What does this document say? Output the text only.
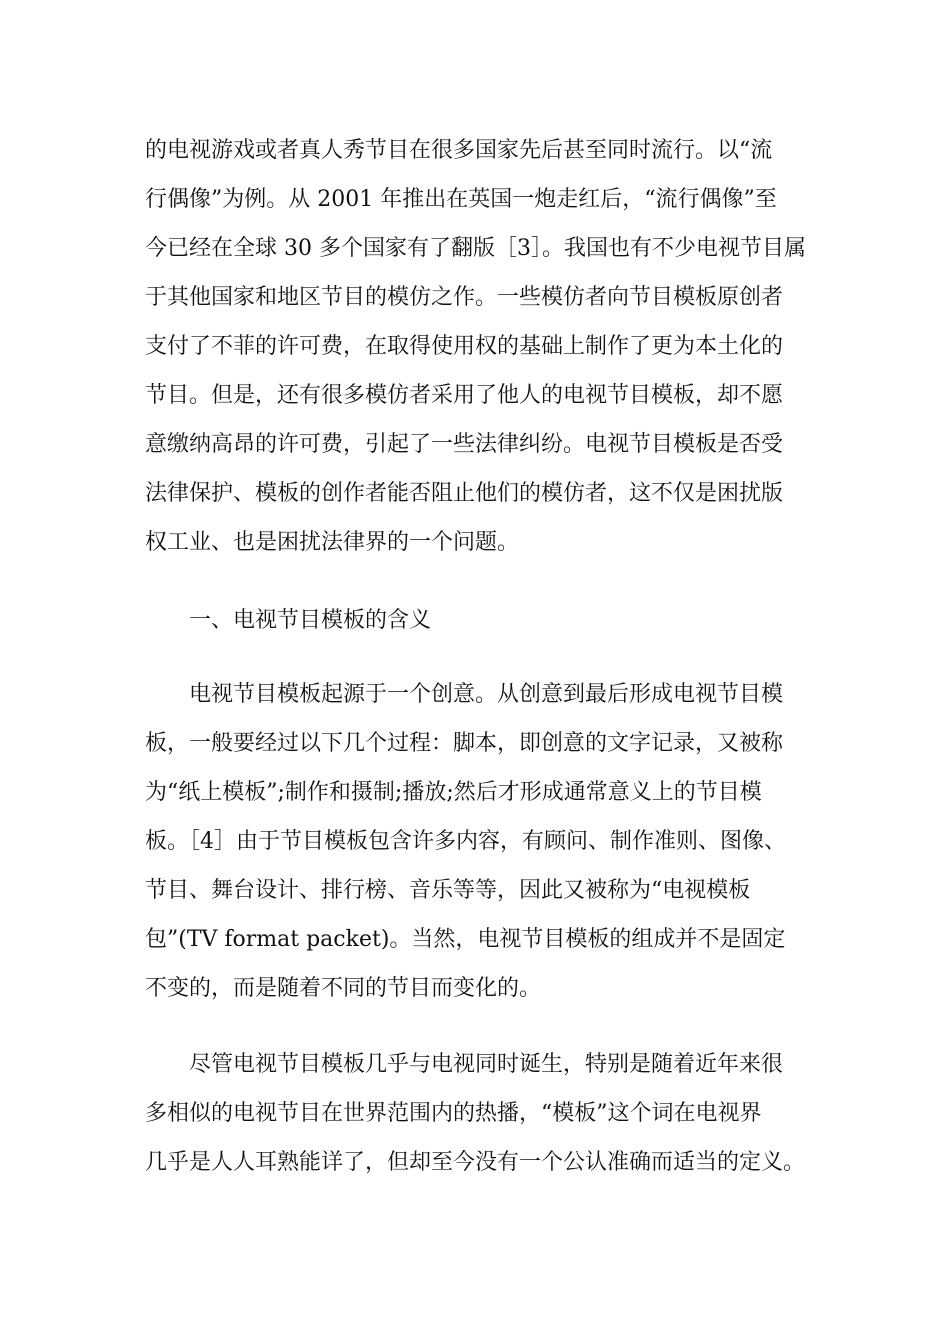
的电视游戏或者真人秀节目在很多国家先后甚至同时流行。以“流
行偶像”为例。从 2001 年推出在英国一炮走红后，“流行偶像”至
今已经在全球 30 多个国家有了翻版［3］。我国也有不少电视节目属
于其他国家和地区节目的模仿之作。一些模仿者向节目模板原创者
支付了不菲的许可费，在取得使用权的基础上制作了更为本土化的
节目。但是，还有很多模仿者采用了他人的电视节目模板，却不愿
意缴纳高昂的许可费，引起了一些法律纠纷。电视节目模板是否受
法律保护、模板的创作者能否阻止他们的模仿者，这不仅是困扰版
权工业、也是困扰法律界的一个问题。
一、电视节目模板的含义
电视节目模板起源于一个创意。从创意到最后形成电视节目模
板，一般要经过以下几个过程：脚本，即创意的文字记录，又被称
为“纸上模板”;制作和摄制;播放;然后才形成通常意义上的节目模
板。［4］由于节目模板包含许多内容，有顾问、制作准则、图像、
节目、舞台设计、排行榜、音乐等等，因此又被称为“电视模板
包”(TV format packet)。当然，电视节目模板的组成并不是固定
不变的，而是随着不同的节目而变化的。
尽管电视节目模板几乎与电视同时诞生，特别是随着近年来很
多相似的电视节目在世界范围内的热播，“模板”这个词在电视界
几乎是人人耳熟能详了，但却至今没有一个公认准确而适当的定义。
